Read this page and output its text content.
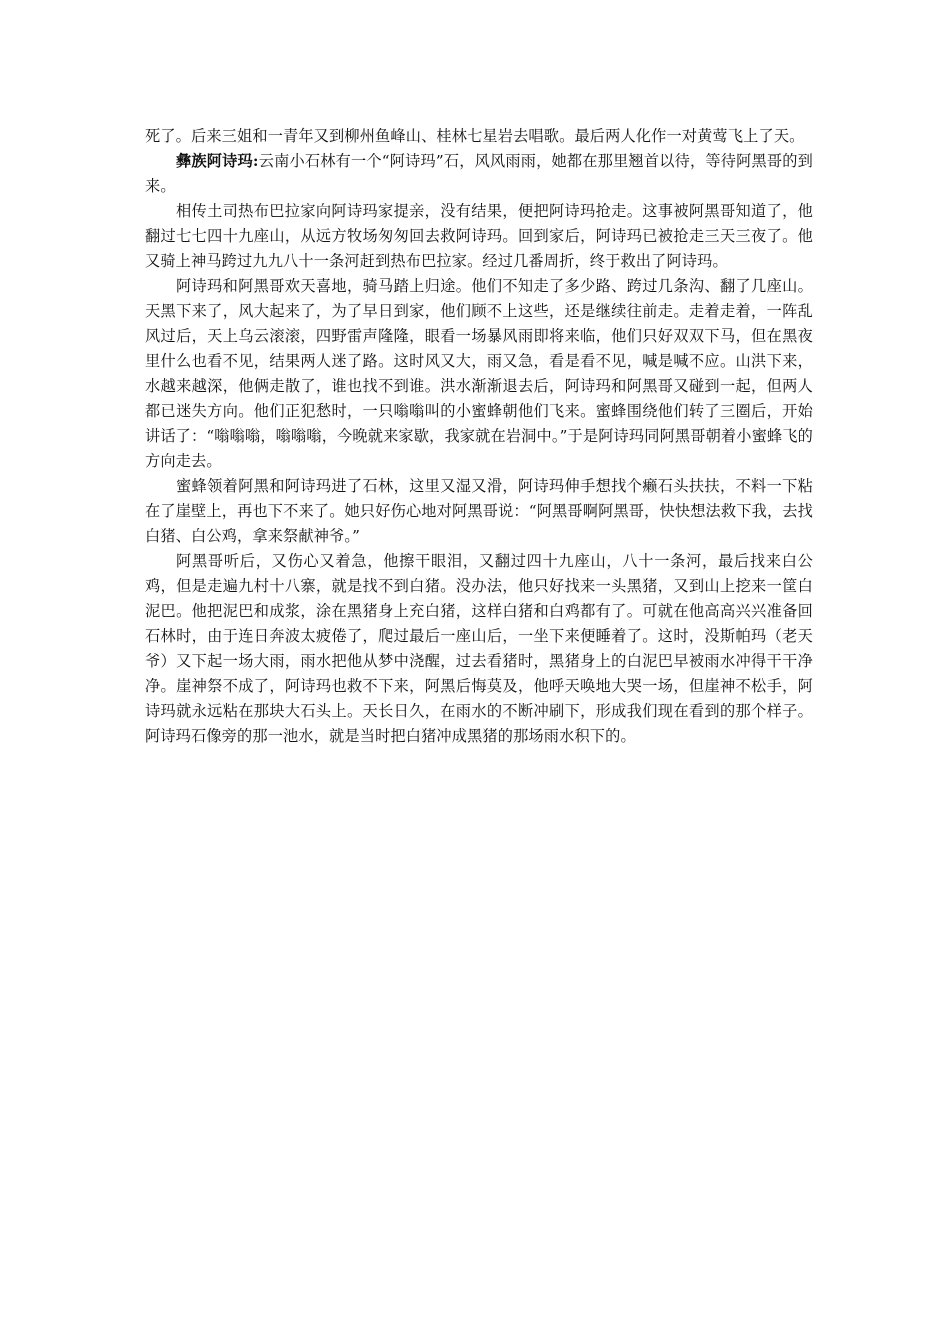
死了。后来三姐和一青年又到柳州鱼峰山、桂林七星岩去唱歌。最后两人化作一对黄莺飞上了天。

彝族阿诗玛:云南小石林有一个“阿诗玛”石，风风雨雨，她都在那里翘首以待，等待阿黑哥的到来。

相传土司热布巴拉家向阿诗玛家提亲，没有结果，便把阿诗玛抢走。这事被阿黑哥知道了，他翻过七七四十九座山，从远方牧场匆匆回去救阿诗玛。回到家后，阿诗玛已被抢走三天三夜了。他又骑上神马跨过九九八十一条河赶到热布巴拉家。经过几番周折，终于救出了阿诗玛。

阿诗玛和阿黑哥欢天喜地，骑马踏上归途。他们不知走了多少路、跨过几条沟、翻了几座山。天黑下来了，风大起来了，为了早日到家，他们顾不上这些，还是继续往前走。走着走着，一阵乱风过后，天上乌云滚滚，四野雷声隆隆，眼看一场暴风雨即将来临，他们只好双双下马，但在黑夜里什么也看不见，结果两人迷了路。这时风又大，雨又急，看是看不见，喊是喊不应。山洪下来，水越来越深，他俩走散了，谁也找不到谁。洪水渐渐退去后，阿诗玛和阿黑哥又碰到一起，但两人都已迷失方向。他们正犯愁时，一只嗡嗡叫的小蜜蜂朝他们飞来。蜜蜂围绕他们转了三圈后，开始讲话了：“嗡嗡嗡，嗡嗡嗡，今晚就来家歇，我家就在岩洞中。”于是阿诗玛同阿黑哥朝着小蜜蜂飞的方向走去。

蜜蜂领着阿黑和阿诗玛进了石林，这里又湿又滑，阿诗玛伸手想找个癞石头扶扶，不料一下粘在了崖壁上，再也下不来了。她只好伤心地对阿黑哥说：“阿黑哥啊阿黑哥，快快想法救下我，去找白猪、白公鸡，拿来祭献神爷。”

阿黑哥听后，又伤心又着急，他擦干眼泪，又翻过四十九座山，八十一条河，最后找来白公鸡，但是走遍九村十八寨，就是找不到白猪。没办法，他只好找来一头黑猪，又到山上挖来一筐白泥巴。他把泥巴和成浆，涂在黑猪身上充白猪，这样白猪和白鸡都有了。可就在他高高兴兴准备回石林时，由于连日奔波太疲倦了，爬过最后一座山后，一坐下来便睡着了。这时，没斯帕玛（老天爷）又下起一场大雨，雨水把他从梦中浇醒，过去看猪时，黑猪身上的白泥巴早被雨水冲得干干净净。崖神祭不成了，阿诗玛也救不下来，阿黑后悔莫及，他呼天唤地大哭一场，但崖神不松手，阿诗玛就永远粘在那块大石头上。天长日久，在雨水的不断冲刷下，形成我们现在看到的那个样子。阿诗玛石像旁的那一池水，就是当时把白猪冲成黑猪的那场雨水积下的。
